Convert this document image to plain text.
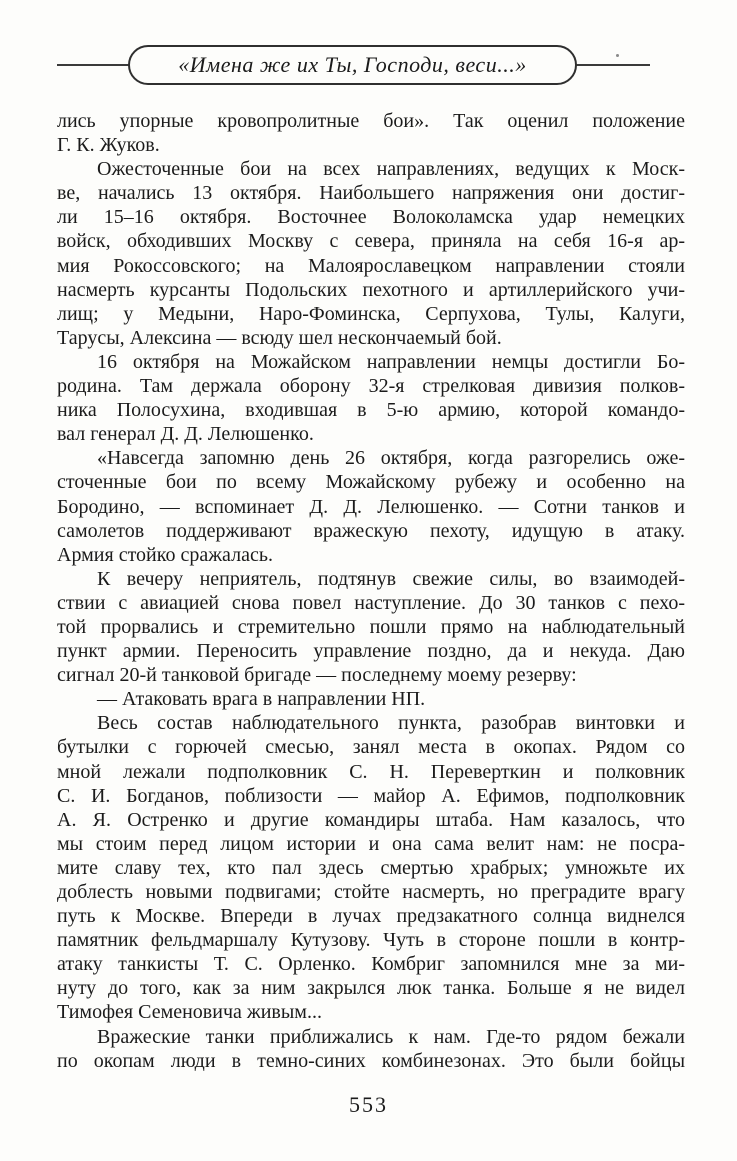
«Имена же их Ты, Господи, веси...»
лись упорные кровопролитные бои». Так оценил положение
Г. К. Жуков.
Ожесточенные бои на всех направлениях, ведущих к Моск-
ве, начались 13 октября. Наибольшего напряжения они достиг-
ли 15–16 октября. Восточнее Волоколамска удар немецких
войск, обходивших Москву с севера, приняла на себя 16-я ар-
мия Рокоссовского; на Малоярославецком направлении стояли
насмерть курсанты Подольских пехотного и артиллерийского учи-
лищ; у Медыни, Наро-Фоминска, Серпухова, Тулы, Калуги,
Тарусы, Алексина — всюду шел нескончаемый бой.
16 октября на Можайском направлении немцы достигли Бо-
родина. Там держала оборону 32-я стрелковая дивизия полков-
ника Полосухина, входившая в 5-ю армию, которой командо-
вал генерал Д. Д. Лелюшенко.
«Навсегда запомню день 26 октября, когда разгорелись оже-
сточенные бои по всему Можайскому рубежу и особенно на
Бородино, — вспоминает Д. Д. Лелюшенко. — Сотни танков и
самолетов поддерживают вражескую пехоту, идущую в атаку.
Армия стойко сражалась.
К вечеру неприятель, подтянув свежие силы, во взаимодей-
ствии с авиацией снова повел наступление. До 30 танков с пехо-
той прорвались и стремительно пошли прямо на наблюдательный
пункт армии. Переносить управление поздно, да и некуда. Даю
сигнал 20-й танковой бригаде — последнему моему резерву:
— Атаковать врага в направлении НП.
Весь состав наблюдательного пункта, разобрав винтовки и
бутылки с горючей смесью, занял места в окопах. Рядом со
мной лежали подполковник С. Н. Переверткин и полковник
С. И. Богданов, поблизости — майор А. Ефимов, подполковник
А. Я. Остренко и другие командиры штаба. Нам казалось, что
мы стоим перед лицом истории и она сама велит нам: не посра-
мите славу тех, кто пал здесь смертью храбрых; умножьте их
доблесть новыми подвигами; стойте насмерть, но преградите врагу
путь к Москве. Впереди в лучах предзакатного солнца виднелся
памятник фельдмаршалу Кутузову. Чуть в стороне пошли в контр-
атаку танкисты Т. С. Орленко. Комбриг запомнился мне за ми-
нуту до того, как за ним закрылся люк танка. Больше я не видел
Тимофея Семеновича живым...
Вражеские танки приближались к нам. Где-то рядом бежали
по окопам люди в темно-синих комбинезонах. Это были бойцы
553
